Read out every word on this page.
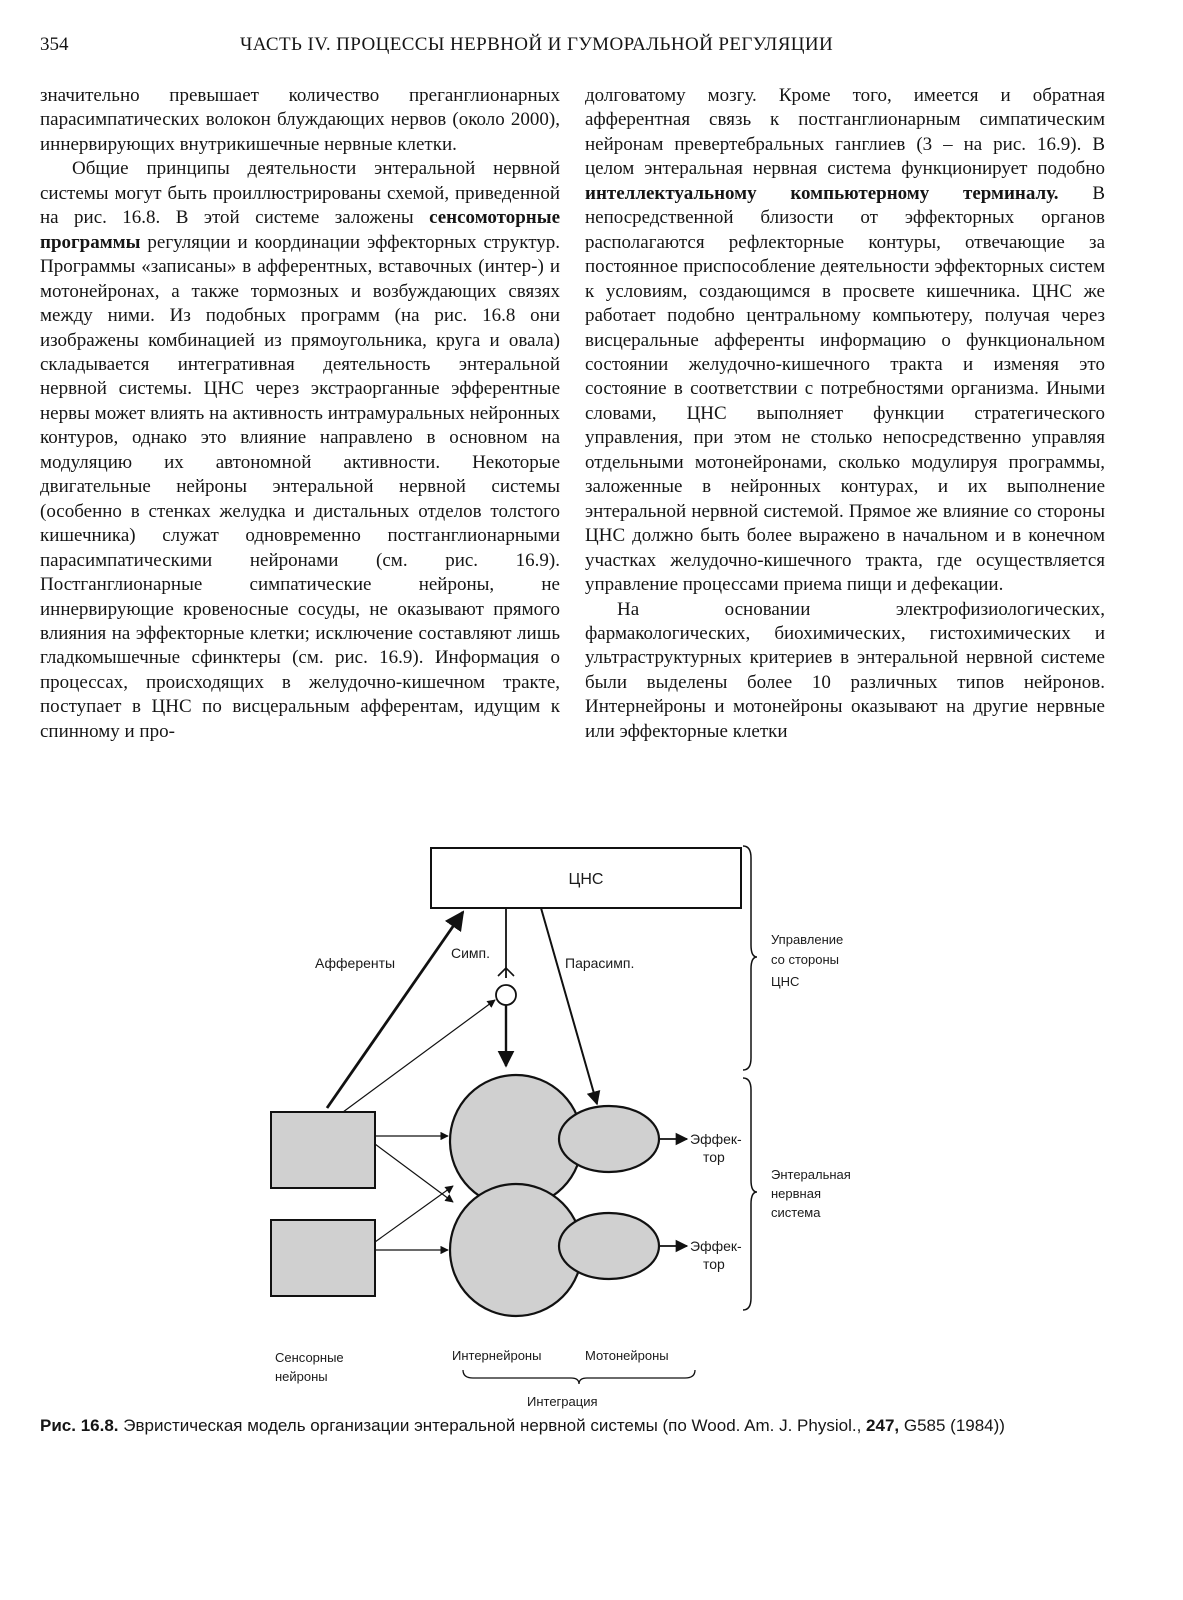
354	ЧАСТЬ IV. ПРОЦЕССЫ НЕРВНОЙ И ГУМОРАЛЬНОЙ РЕГУЛЯЦИИ

значительно превышает количество преганглионарных парасимпатических волокон блуждающих нервов (около 2000), иннервирующих внутрикишечные нервные клетки.

Общие принципы деятельности энтеральной нервной системы могут быть проиллюстрированы схемой, приведенной на рис. 16.8. В этой системе заложены сенсомоторные программы регуляции и координации эффекторных структур. Программы «записаны» в афферентных, вставочных (интер-) и мотонейронах, а также тормозных и возбуждающих связях между ними. Из подобных программ (на рис. 16.8 они изображены комбинацией из прямоугольника, круга и овала) складывается интегративная деятельность энтеральной нервной системы. ЦНС через экстраорганные эфферентные нервы может влиять на активность интрамуральных нейронных контуров, однако это влияние направлено в основном на модуляцию их автономной активности. Некоторые двигательные нейроны энтеральной нервной системы (особенно в стенках желудка и дистальных отделов толстого кишечника) служат одновременно постганглионарными парасимпатическими нейронами (см. рис. 16.9). Постганглионарные симпатические нейроны, не иннервирующие кровеносные сосуды, не оказывают прямого влияния на эффекторные клетки; исключение составляют лишь гладкомышечные сфинктеры (см. рис. 16.9). Информация о процессах, происходящих в желудочно-кишечном тракте, поступает в ЦНС по висцеральным афферентам, идущим к спинному и про-

долговатому мозгу. Кроме того, имеется и обратная афферентная связь к постганглионарным симпатическим нейронам превертебральных ганглиев (3 – на рис. 16.9). В целом энтеральная нервная система функционирует подобно интеллектуальному компьютерному терминалу. В непосредственной близости от эффекторных органов располагаются рефлекторные контуры, отвечающие за постоянное приспособление деятельности эффекторных систем к условиям, создающимся в просвете кишечника. ЦНС же работает подобно центральному компьютеру, получая через висцеральные афференты информацию о функциональном состоянии желудочно-кишечного тракта и изменяя это состояние в соответствии с потребностями организма. Иными словами, ЦНС выполняет функции стратегического управления, при этом не столько непосредственно управляя отдельными мотонейронами, сколько модулируя программы, заложенные в нейронных контурах, и их выполнение энтеральной нервной системой. Прямое же влияние со стороны ЦНС должно быть более выражено в начальном и в конечном участках желудочно-кишечного тракта, где осуществляется управление процессами приема пищи и дефекации.

На основании электрофизиологических, фармакологических, биохимических, гистохимических и ультраструктурных критериев в энтеральной нервной системе были выделены более 10 различных типов нейронов. Интернейроны и мотонейроны оказывают на другие нервные или эффекторные клетки

ЦНС
Афференты
Симп.
Парасимп.
Управление
со стороны
ЦНС
Энтеральная
нервная
система
Эффек-
тор
Эффек-
тор
Сенсорные
нейроны
Интернейроны	Мотонейроны
Интеграция
Рис. 16.8. Эвристическая модель организации энтеральной нервной системы (по Wood. Am. J. Physiol., 247, G585 (1984))
